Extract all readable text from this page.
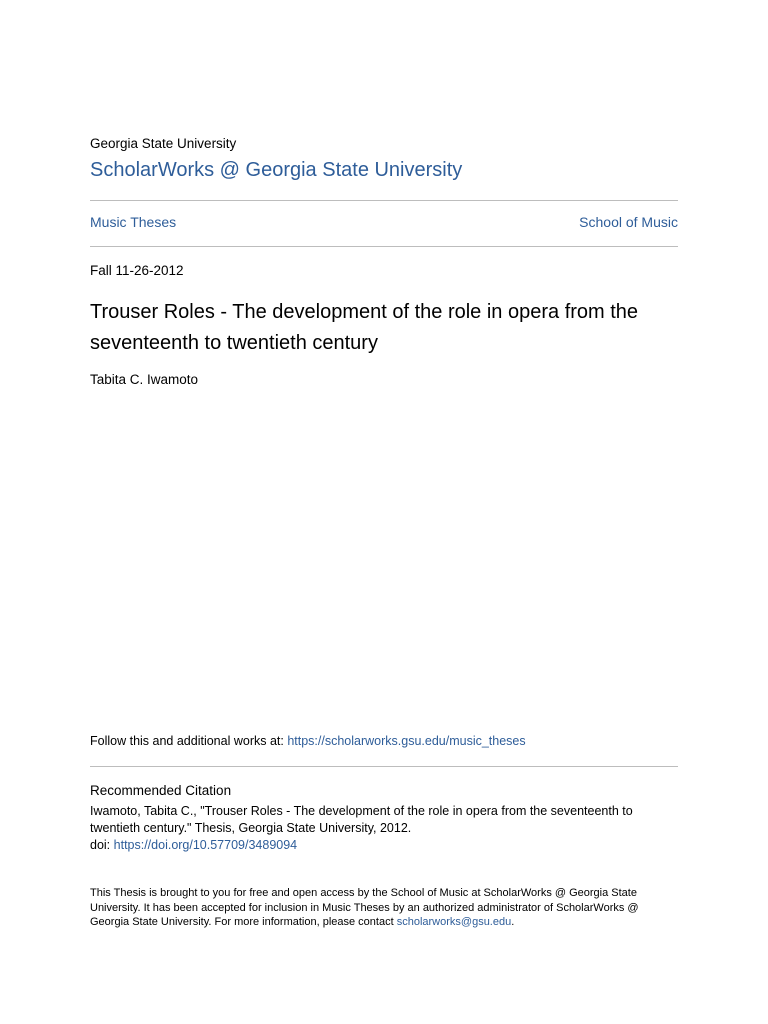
Georgia State University
ScholarWorks @ Georgia State University
Music Theses	School of Music
Fall 11-26-2012
Trouser Roles - The development of the role in opera from the seventeenth to twentieth century
Tabita C. Iwamoto
Follow this and additional works at: https://scholarworks.gsu.edu/music_theses
Recommended Citation
Iwamoto, Tabita C., "Trouser Roles - The development of the role in opera from the seventeenth to twentieth century." Thesis, Georgia State University, 2012.
doi: https://doi.org/10.57709/3489094
This Thesis is brought to you for free and open access by the School of Music at ScholarWorks @ Georgia State University. It has been accepted for inclusion in Music Theses by an authorized administrator of ScholarWorks @ Georgia State University. For more information, please contact scholarworks@gsu.edu.
